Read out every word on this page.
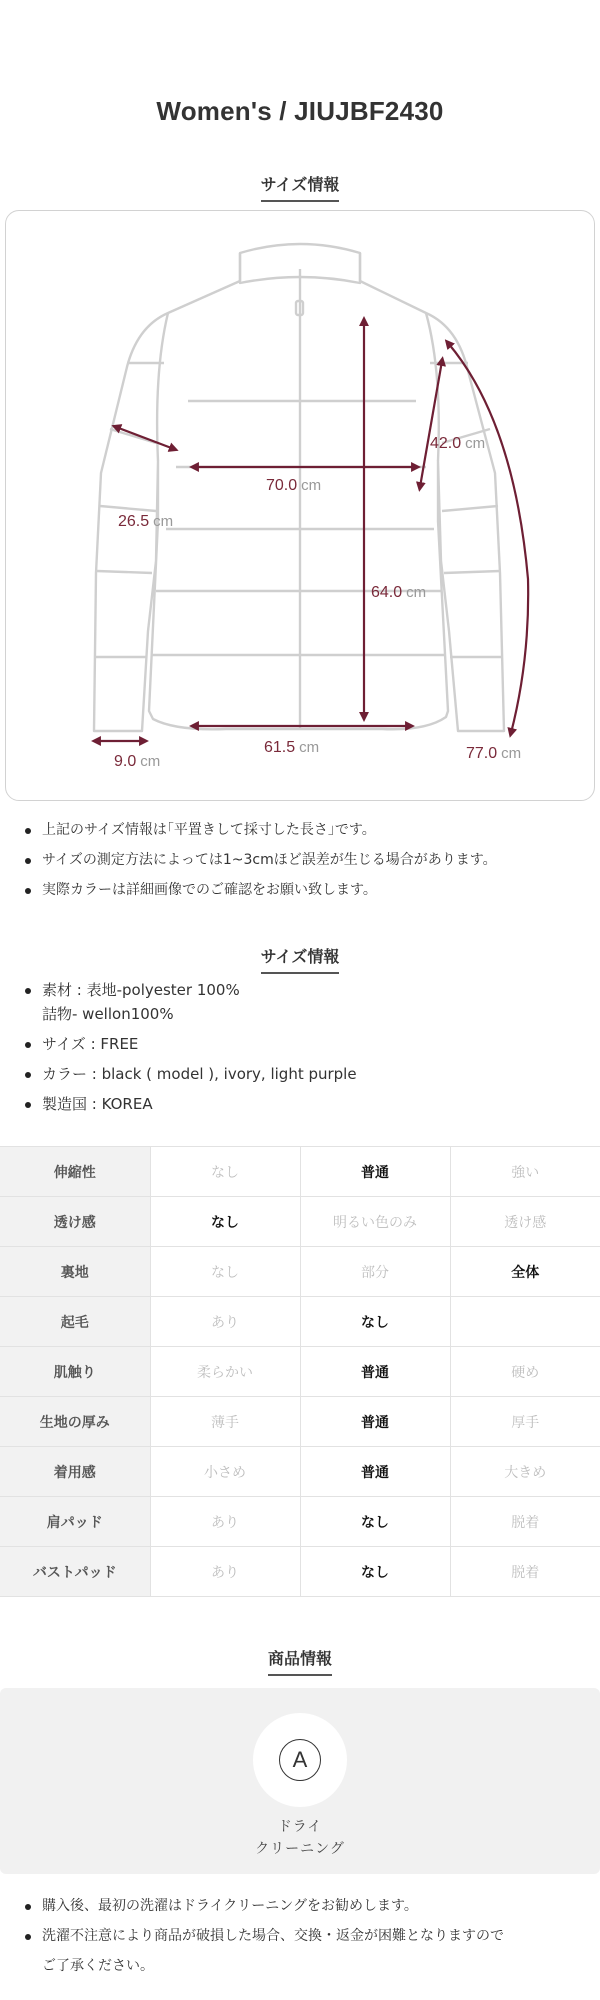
Women's / JIUJBF2430
サイズ情報
26.5 cm
70.0 cm
42.0 cm
64.0 cm
9.0 cm
61.5 cm	77.0 cm
上記のサイズ情報は｢平置きして採寸した長さ｣です。
サイズの測定方法によっては1~3cmほど誤差が生じる場合があります。
実際カラーは詳細画像でのご確認をお願い致します。
サイズ情報
素材 : 表地-polyester 100%
詰物- wellon100%
サイズ : FREE
カラー : black ( model ), ivory, light purple
製造国 : KOREA
伸縮性	なし	普通	強い
透け感	なし	明るい色のみ	透け感
裏地	なし	部分	全体
起毛	あり	なし	
肌触り	柔らかい	普通	硬め
生地の厚み	薄手	普通	厚手
着用感	小さめ	普通	大きめ
肩パッド	あり	なし	脱着
バストパッド	あり	なし	脱着
商品情報
A
ドライ
クリーニング
購入後、最初の洗濯はドライクリーニングをお勧めします。
洗濯不注意により商品が破損した場合、交換・返金が困難となりますので
ご了承ください。
